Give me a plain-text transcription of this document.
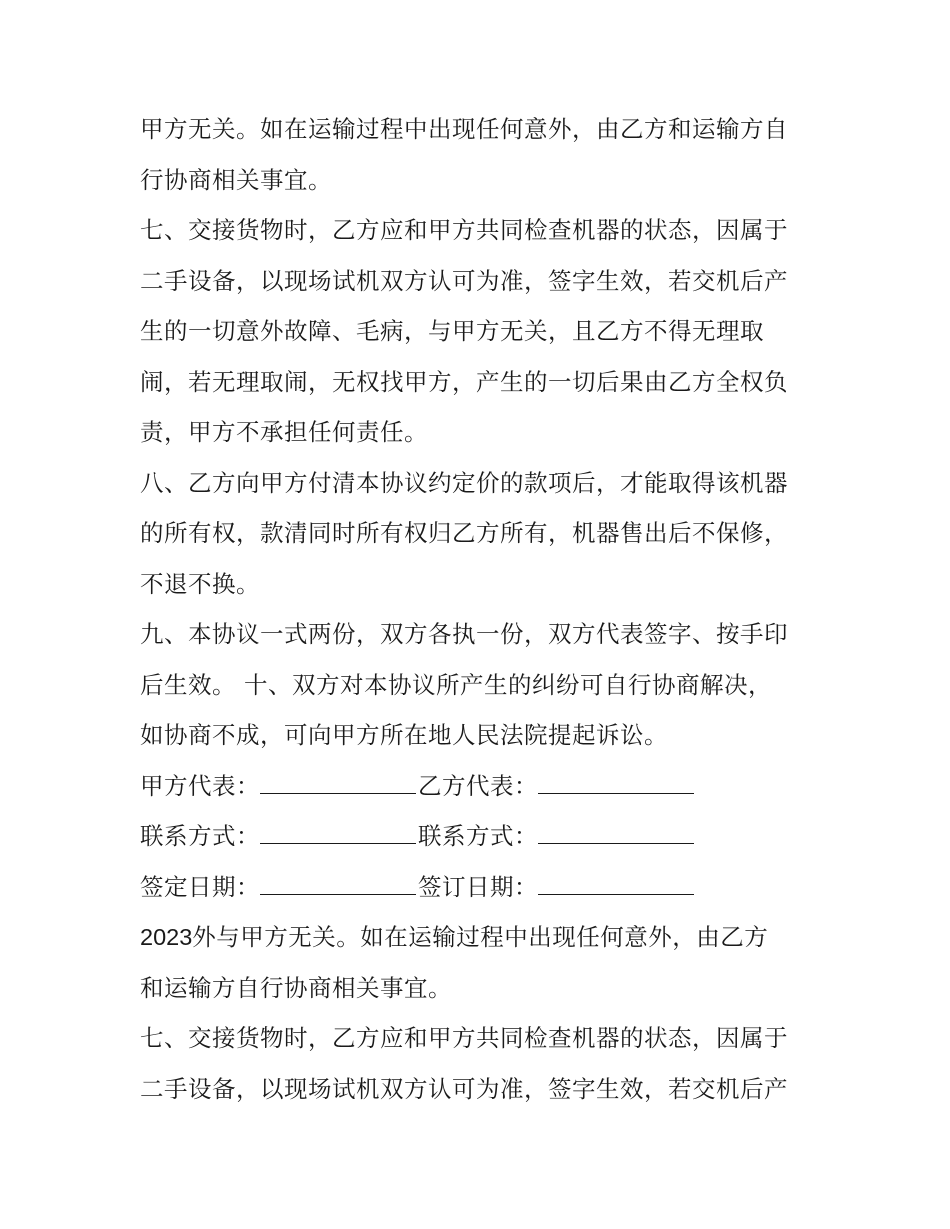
甲方无关。如在运输过程中出现任何意外，由乙方和运输方自
行协商相关事宜。
七、交接货物时，乙方应和甲方共同检查机器的状态，因属于
二手设备，以现场试机双方认可为准，签字生效，若交机后产
生的一切意外故障、毛病，与甲方无关，且乙方不得无理取
闹，若无理取闹，无权找甲方，产生的一切后果由乙方全权负
责，甲方不承担任何责任。
八、乙方向甲方付清本协议约定价的款项后，才能取得该机器
的所有权，款清同时所有权归乙方所有，机器售出后不保修，
不退不换。
九、本协议一式两份，双方各执一份，双方代表签字、按手印
后生效。 十、双方对本协议所产生的纠纷可自行协商解决，
如协商不成，可向甲方所在地人民法院提起诉讼。
甲方代表：	乙方代表：
联系方式：	联系方式：
签定日期：	签订日期：
2023外与甲方无关。如在运输过程中出现任何意外，由乙方
和运输方自行协商相关事宜。
七、交接货物时，乙方应和甲方共同检查机器的状态，因属于
二手设备，以现场试机双方认可为准，签字生效，若交机后产
